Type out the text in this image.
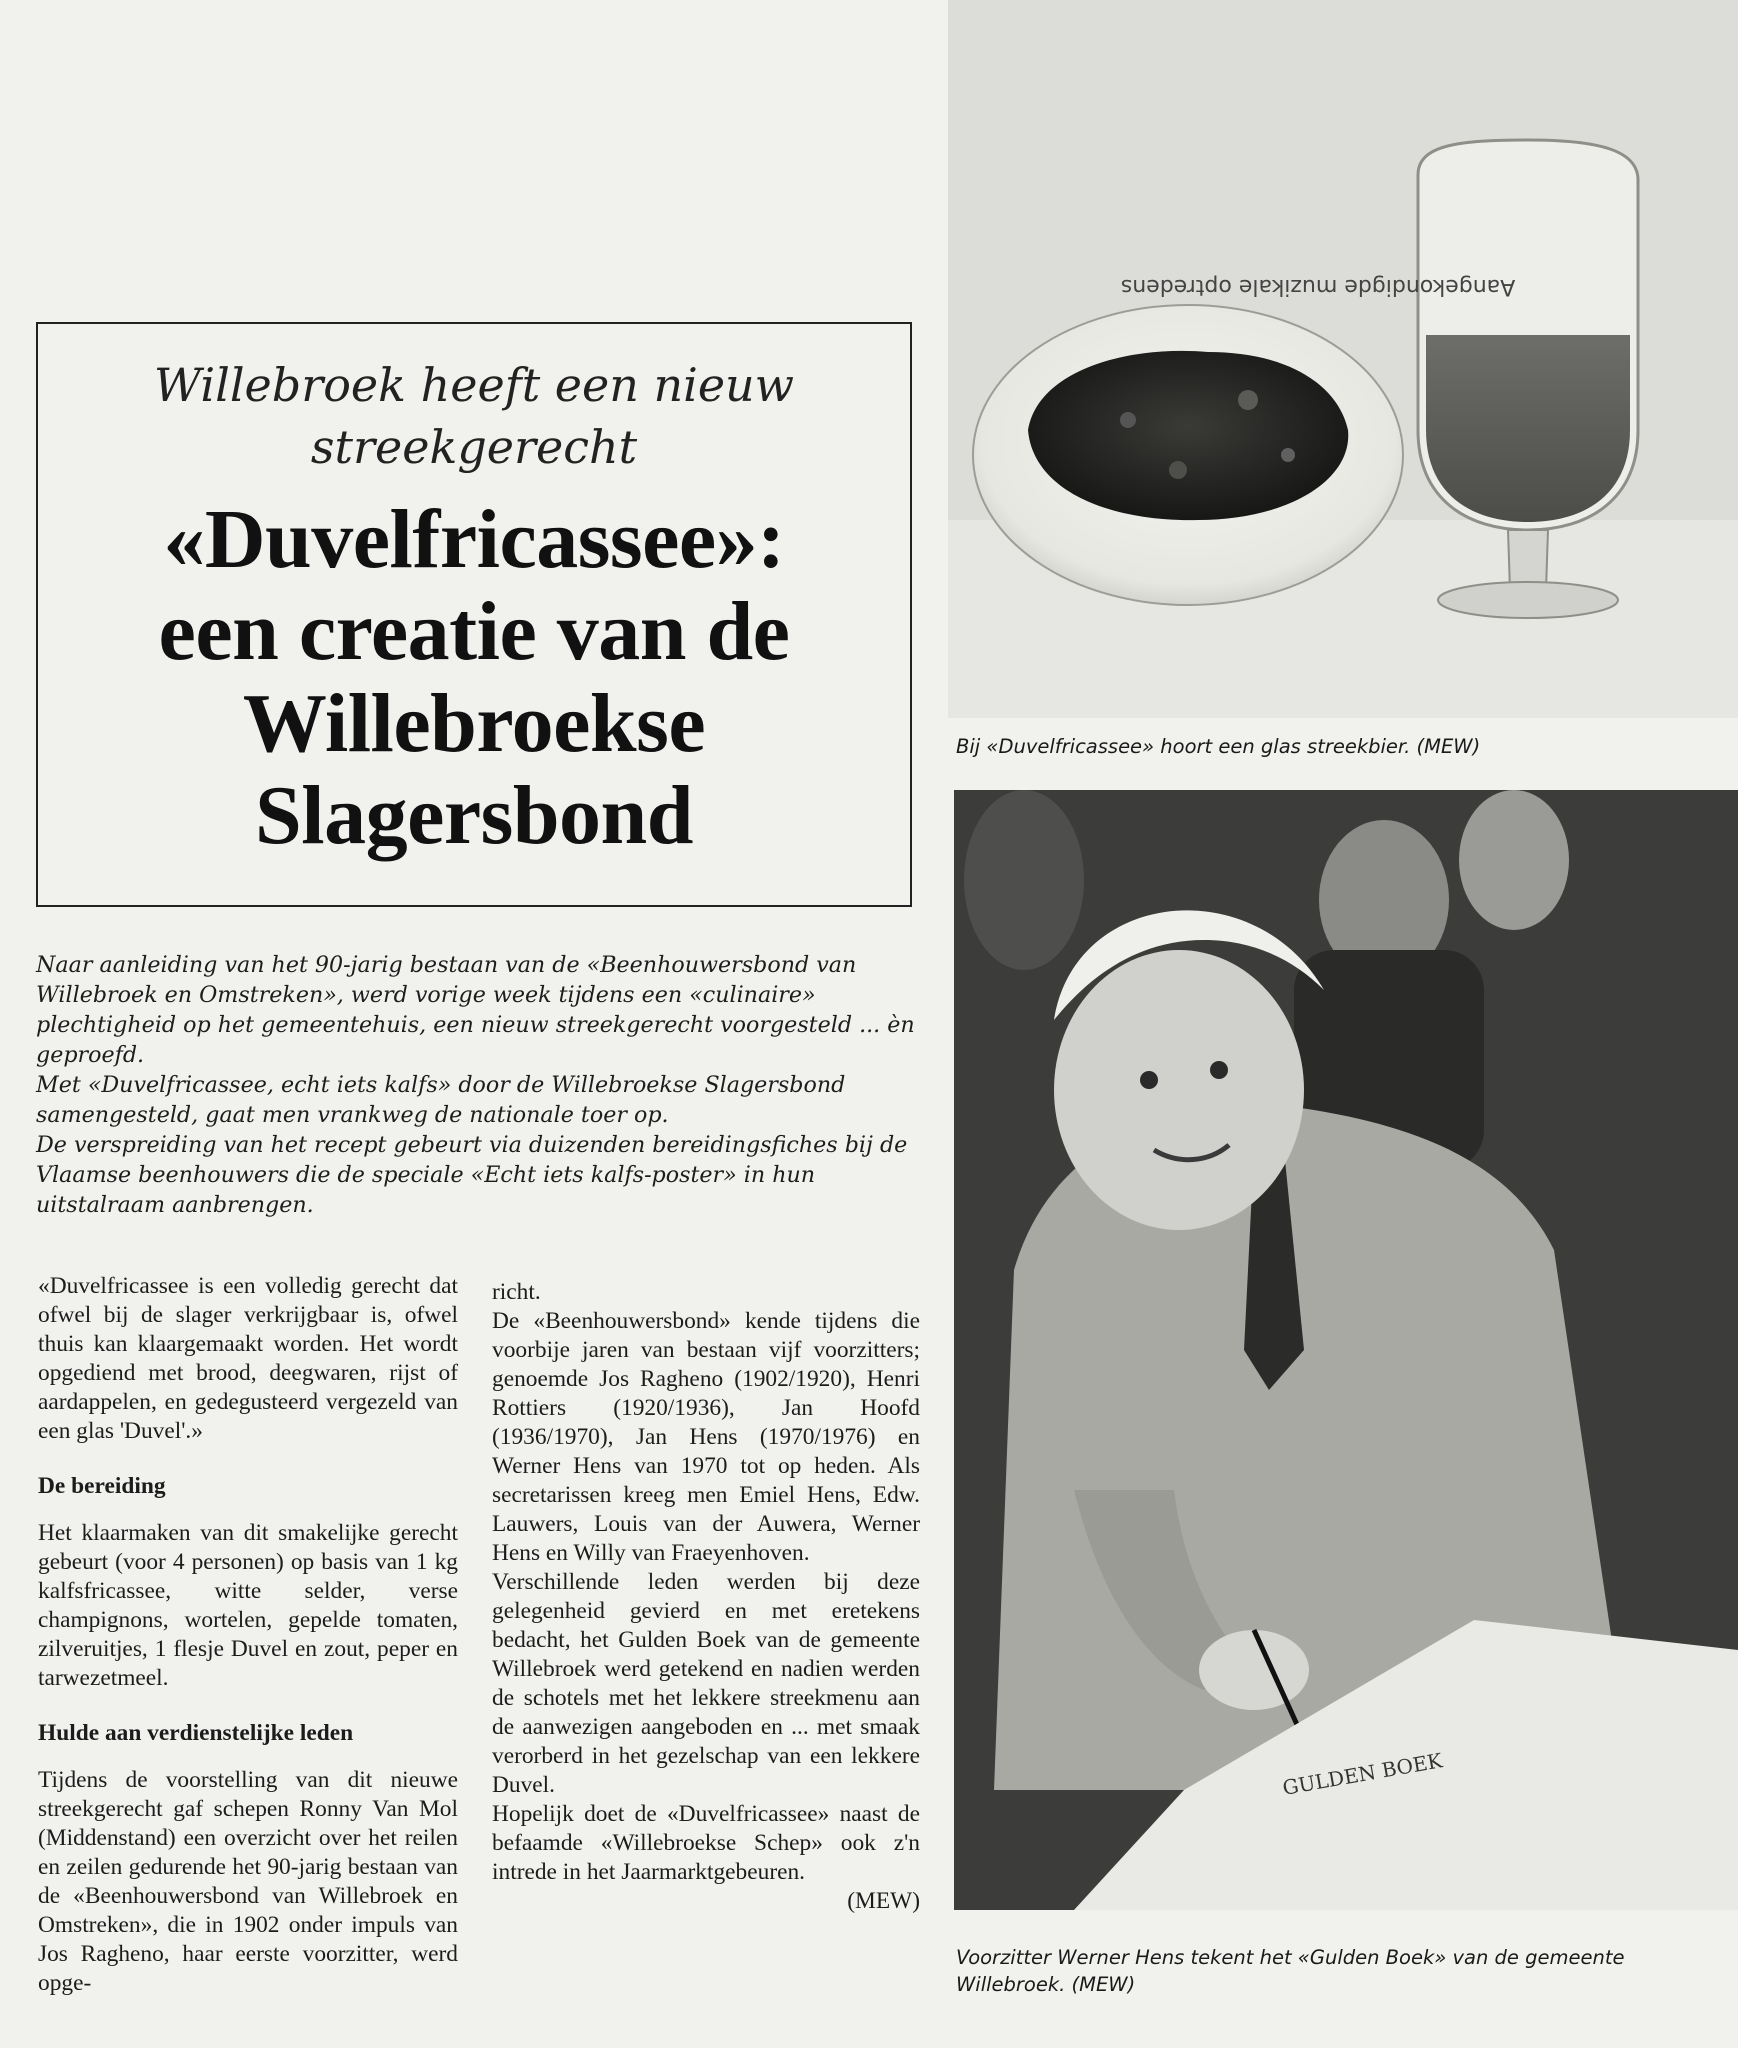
Willebroek heeft een nieuw
streekgerecht
«Duvelfricassee»:
een creatie van de
Willebroekse
Slagersbond

Naar aanleiding van het 90-jarig bestaan van de «Beenhouwersbond van Willebroek en Omstreken», werd vorige week tijdens een «culinaire» plechtigheid op het gemeentehuis, een nieuw streekgerecht voorgesteld ... èn geproefd.

Met «Duvelfricassee, echt iets kalfs» door de Willebroekse Slagersbond samengesteld, gaat men vrankweg de nationale toer op.

De verspreiding van het recept gebeurt via duizenden bereidingsfiches bij de Vlaamse beenhouwers die de speciale «Echt iets kalfs-poster» in hun uitstalraam aanbrengen.

«Duvelfricassee is een volledig gerecht dat ofwel bij de slager verkrijgbaar is, ofwel thuis kan klaargemaakt worden. Het wordt opgediend met brood, deegwaren, rijst of aardappelen, en gedegusteerd vergezeld van een glas 'Duvel'.»

De bereiding

Het klaarmaken van dit smakelijke gerecht gebeurt (voor 4 personen) op basis van 1 kg kalfsfricassee, witte selder, verse champignons, wortelen, gepelde tomaten, zilveruitjes, 1 flesje Duvel en zout, peper en tarwezetmeel.

Hulde aan verdienstelijke leden

Tijdens de voorstelling van dit nieuwe streekgerecht gaf schepen Ronny Van Mol (Middenstand) een overzicht over het reilen en zeilen gedurende het 90-jarig bestaan van de «Beenhouwersbond van Willebroek en Omstreken», die in 1902 onder impuls van Jos Ragheno, haar eerste voorzitter, werd opge-

richt.

De «Beenhouwersbond» kende tijdens die voorbije jaren van bestaan vijf voorzitters; genoemde Jos Ragheno (1902/1920), Henri Rottiers (1920/1936), Jan Hoofd (1936/1970), Jan Hens (1970/1976) en Werner Hens van 1970 tot op heden. Als secretarissen kreeg men Emiel Hens, Edw. Lauwers, Louis van der Auwera, Werner Hens en Willy van Fraeyenhoven.

Verschillende leden werden bij deze gelegenheid gevierd en met eretekens bedacht, het Gulden Boek van de gemeente Willebroek werd getekend en nadien werden de schotels met het lekkere streekmenu aan de aanwezigen aangeboden en ... met smaak verorberd in het gezelschap van een lekkere Duvel.

Hopelijk doet de «Duvelfricassee» naast de befaamde «Willebroekse Schep» ook z'n intrede in het Jaarmarktgebeuren.

(MEW)

Aangekondigde muzikale optredens
Bij «Duvelfricassee» hoort een glas streekbier. (MEW)
GULDEN BOEK
Voorzitter Werner Hens tekent het «Gulden Boek» van de gemeente Willebroek. (MEW)
